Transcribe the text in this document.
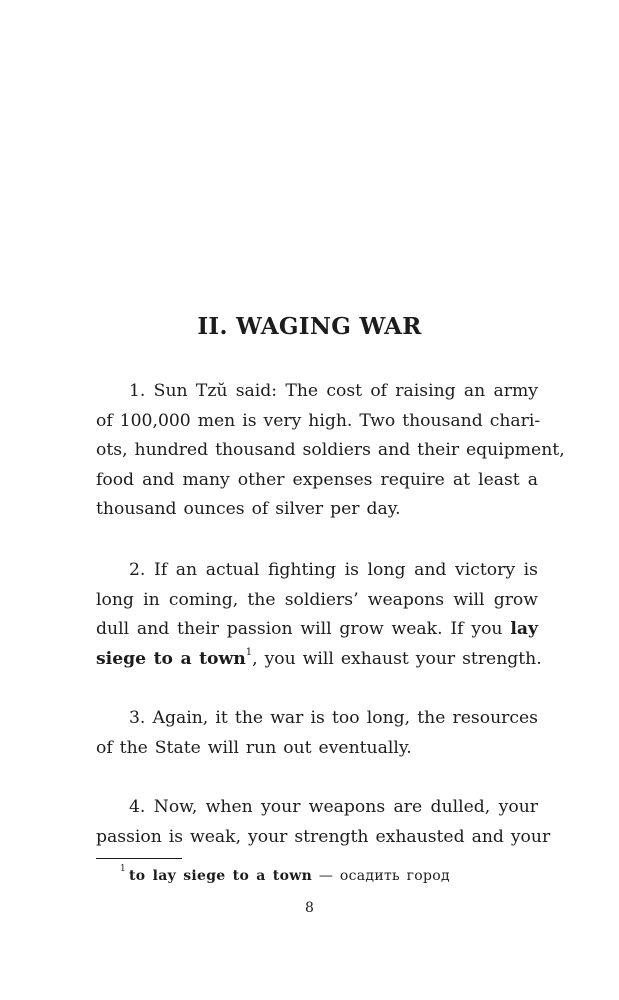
II. WAGING WAR
1. Sun Tzŭ said: The cost of raising an army
of 100,000 men is very high. Two thousand chari-
ots, hundred thousand soldiers and their equipment,
food and many other expenses require at least a
thousand ounces of silver per day.
2. If an actual fighting is long and victory is
long in coming, the soldiers’ weapons will grow
dull and their passion will grow weak. If you lay
siege to a town$^1$, you will exhaust your strength.
3. Again, it the war is too long, the resources
of the State will run out eventually.
4. Now, when your weapons are dulled, your
passion is weak, your strength exhausted and your
$^1$ to lay siege to a town — осадить город
8
